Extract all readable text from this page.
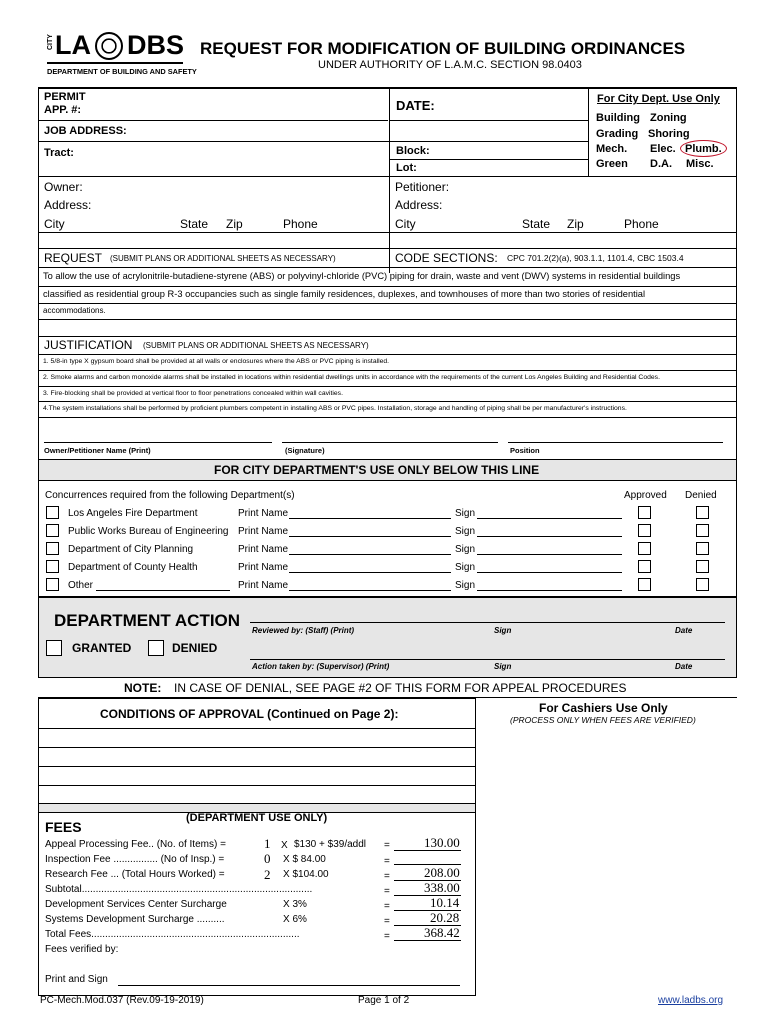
CITY LA DBS
DEPARTMENT OF BUILDING AND SAFETY
REQUEST FOR MODIFICATION OF BUILDING ORDINANCES
UNDER AUTHORITY OF L.A.M.C. SECTION 98.0403
PERMIT
APP. #:	DATE:
JOB ADDRESS:
Tract:	Block:
Lot:
For City Dept. Use Only
Building Zoning
Grading Shoring
Mech. Elec. Plumb.
Green D.A. Misc.
Owner:
Address:
City	State Zip	Phone
Petitioner:
Address:
City	State Zip	Phone
REQUEST (SUBMIT PLANS OR ADDITIONAL SHEETS AS NECESSARY)	CODE SECTIONS: CPC 701.2(2)(a), 903.1.1, 1101.4, CBC 1503.4
To allow the use of acrylonitrile-butadiene-styrene (ABS) or polyvinyl-chloride (PVC) piping for drain, waste and vent (DWV) systems in residential buildings
classified as residential group R-3 occupancies such as single family residences, duplexes, and townhouses of more than two stories of residential
accommodations.
JUSTIFICATION (SUBMIT PLANS OR ADDITIONAL SHEETS AS NECESSARY)
1. 5/8-in type X gypsum board shall be provided at all walls or enclosures where the ABS or PVC piping is installed.
2. Smoke alarms and carbon monoxide alarms shall be installed in locations within residential dwellings units in accordance with the requirements of the current Los Angeles Building and Residential Codes.
3. Fire-blocking shall be provided at vertical floor to floor penetrations concealed within wall cavities.
4.The system installations shall be performed by proficient plumbers competent in installing ABS or PVC pipes. Installation, storage and handling of piping shall be per manufacturer's instructions.
Owner/Petitioner Name (Print)	(Signature)	Position
FOR CITY DEPARTMENT'S USE ONLY BELOW THIS LINE
Concurrences required from the following Department(s)	Approved Denied
Los Angeles Fire Department	Print Name	Sign
Public Works Bureau of Engineering Print Name	Sign
Department of City Planning	Print Name	Sign
Department of County Health	Print Name	Sign
Other	Print Name	Sign
DEPARTMENT ACTION
GRANTED	DENIED
Reviewed by: (Staff) (Print)	Sign	Date
Action taken by: (Supervisor) (Print)	Sign	Date
NOTE: IN CASE OF DENIAL, SEE PAGE #2 OF THIS FORM FOR APPEAL PROCEDURES
CONDITIONS OF APPROVAL (Continued on Page 2):	For Cashiers Use Only
(PROCESS ONLY WHEN FEES ARE VERIFIED)
(DEPARTMENT USE ONLY)
FEES
Appeal Processing Fee.. (No. of Items) =	1 X $130 + $39/addl =	130.00
Inspection Fee ................ (No of Insp.) =	0 X $ 84.00	=
Research Fee ... (Total Hours Worked) =	2 X $104.00	=	208.00
Subtotal...................................................................................	=	338.00
Development Services Center Surcharge	X 3%	=	10.14
Systems Development Surcharge ..........	X 6%	=	20.28
Total Fees...........................................................................	=	368.42
Fees verified by:
Print and Sign
PC-Mech.Mod.037 (Rev.09-19-2019)	Page 1 of 2	www.ladbs.org
